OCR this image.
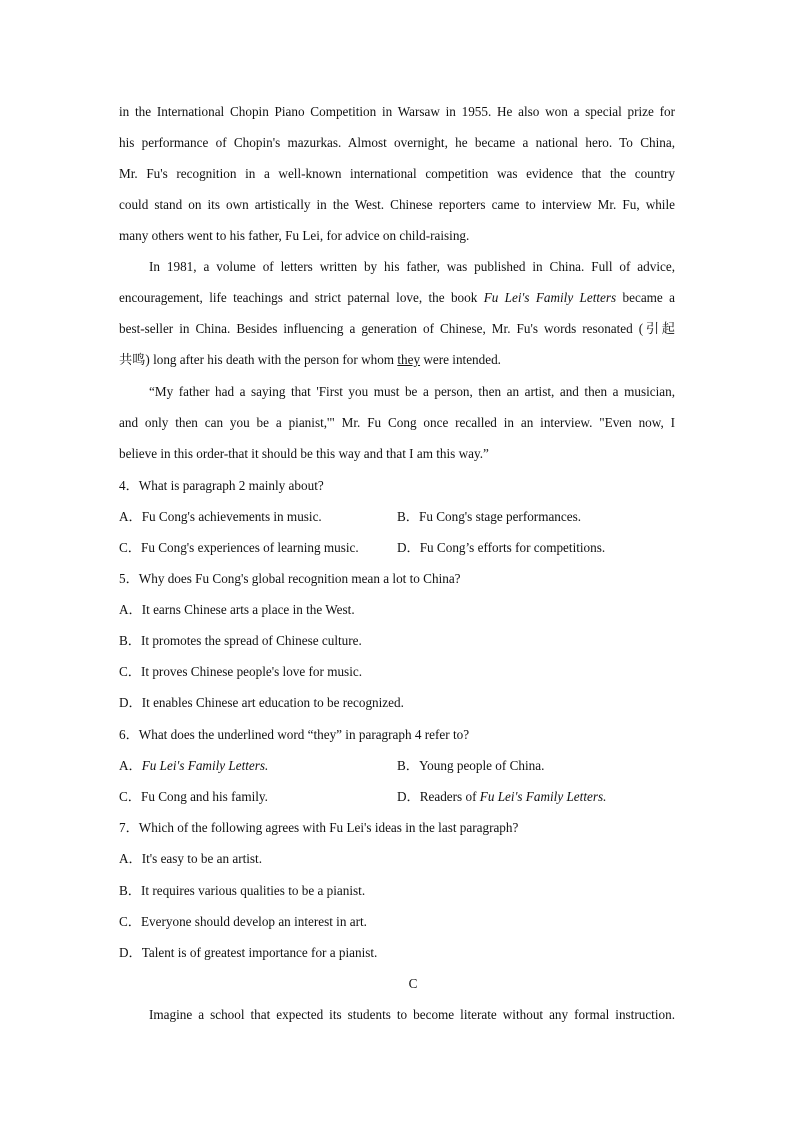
in the International Chopin Piano Competition in Warsaw in 1955. He also won a special prize for

his performance of Chopin's mazurkas. Almost overnight, he became a national hero. To China,

Mr. Fu's recognition in a well-known international competition was evidence that the country

could stand on its own artistically in the West. Chinese reporters came to interview Mr. Fu, while

many others went to his father, Fu Lei, for advice on child-raising.

In 1981, a volume of letters written by his father, was published in China. Full of advice,

encouragement, life teachings and strict paternal love, the book Fu Lei's Family Letters became a

best-seller in China. Besides influencing a generation of Chinese, Mr. Fu's words resonated (引起

共鸣) long after his death with the person for whom they were intended.

“My father had a saying that 'First you must be a person, then an artist, and then a musician,

and only then can you be a pianist,'" Mr. Fu Cong once recalled in an interview. "Even now, I

believe in this order-that it should be this way and that I am this way.”

4．What is paragraph 2 mainly about?

A．Fu Cong's achievements in music.	B．Fu Cong's stage performances.

C．Fu Cong's experiences of learning music.	D．Fu Cong’s efforts for competitions.

5．Why does Fu Cong's global recognition mean a lot to China?

A．It earns Chinese arts a place in the West.

B．It promotes the spread of Chinese culture.

C．It proves Chinese people's love for music.

D．It enables Chinese art education to be recognized.

6．What does the underlined word “they” in paragraph 4 refer to?

A．Fu Lei's Family Letters.	B．Young people of China.

C．Fu Cong and his family.	D．Readers of Fu Lei's Family Letters.

7．Which of the following agrees with Fu Lei's ideas in the last paragraph?

A．It's easy to be an artist.

B．It requires various qualities to be a pianist.

C．Everyone should develop an interest in art.

D．Talent is of greatest importance for a pianist.

C

Imagine a school that expected its students to become literate without any formal instruction.
